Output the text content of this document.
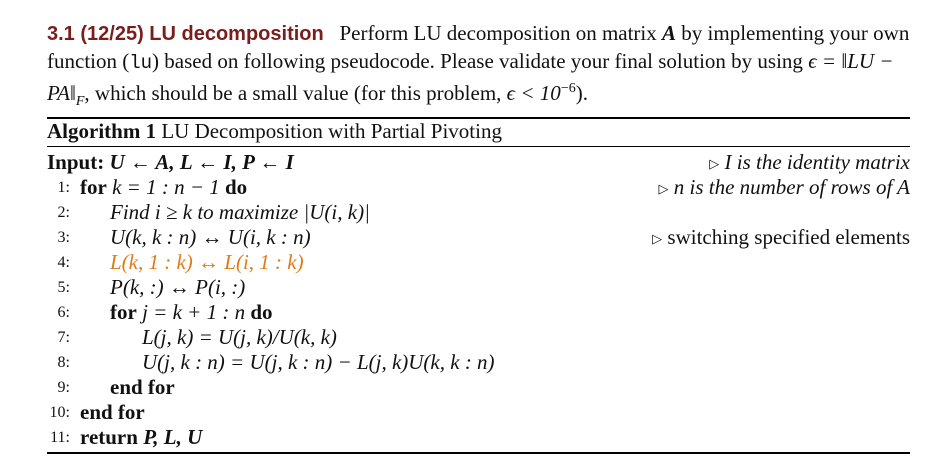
3.1 (12/25) LU decomposition Perform LU decomposition on matrix A by implementing your own function (lu) based on following pseudocode. Please validate your final solution by using ϵ = ‖LU − $PA‖_F$, which should be a small value (for this problem, $\epsilon < 10^{-6}$).
Algorithm 1 LU Decomposition with Partial Pivoting
Input: U ← A, L ← I, P ← I	▷ I is the identity matrix
1: for k = 1 : n − 1 do	▷ n is the number of rows of A
2: Find i ≥ k to maximize |U(i, k)|
3: U(k, k : n) ↔ U(i, k : n)	▷ switching specified elements
4: L(k, 1 : k) ↔ L(i, 1 : k)
5: P(k, :) ↔ P(i, :)
6: for j = k + 1 : n do
7:	L(j, k) = U(j, k)/U(k, k)
8:	U(j, k : n) = U(j, k : n) − L(j, k)U(k, k : n)
9: end for
10: end for
11: return P, L, U
